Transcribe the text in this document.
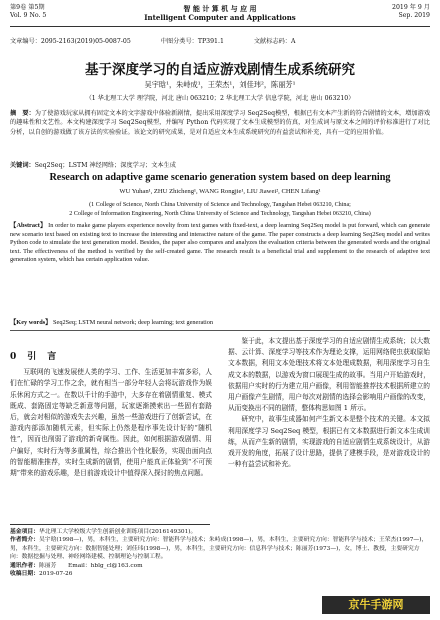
第9卷 第5期
Vol. 9 No. 5
智 能 计 算 机 与 应 用
Intelligent Computer and Applications
2019 年 9 月
Sep. 2019
文章编号：2095-2163(2019)05-0087-05	中图分类号：TP391.1	文献标志码：A
基于深度学习的自适应游戏剧情生成系统研究
吴宇晗¹，朱峙成¹，王荣杰¹，刘佳玮²，陈丽芳¹
（1 华北理工大学 理学院，河北 唐山 063210；2 华北理工大学 信息学院，河北 唐山 063210）
摘　要：为了使游戏玩家从拥有固定文本的文字游戏中体验新剧情，提出采用深度学习 Seq2Seq模型，根据已有文本产生新的符合剧情的文本，增加游戏的趣味性和文艺性。本文构建深度学习 Seq2Seq模型，并编写 Python 代码实现了文本生成模型的仿真，对生成词与原文本之间的评价标准进行了对比分析，以自创的游戏做了该方法的实验验证。该论文的研究成果，是对自适应文本生成系统研究的有益尝试和补充，具有一定的应用价值。
关键词：Seq2Seq；LSTM 神经网络；深度学习；文本生成
Research on adaptive game scenario generation system based on deep learning
WU Yuhan¹, ZHU Zhicheng¹, WANG Rongjie¹, LIU Jiawei², CHEN Lifang¹
(1 College of Science, North China University of Science and Technology, Tangshan Hebei 063210, China;
2 College of Information Engineering, North China University of Science and Technology, Tangshan Hebei 063210, China)
【Abstract】 In order to make game players experience novelty from text games with fixed-text, a deep learning Seq2Seq model is put forward, which can generate new scenario text based on existing text to increase the interesting and interactive nature of the game. The paper constructs a deep learning Seq2Seq model and writes Python code to simulate the text generation model. Besides, the paper also compares and analyzes the evaluation criteria between the generated words and the original text. The effectiveness of the method is verified by the self-created game. The research result is a beneficial trial and supplement to the research of adaptive text generation system, which has certain application value.
【Key words】 Seq2Seq; LSTM neural network; deep learning; text generation
0　引　言

互联网的飞速发展使人类的学习、工作、生活更加丰富多彩，人们在忙碌的学习工作之余，就有相当一部分年轻人会将玩游戏作为娱乐休闲方式之一。在数以千计的手游中，大多存在着剧情重复、模式既成、套路固定等缺乏新意等问题，玩家逐渐摸索出一些固有套路后，就会对相似的游戏失去兴趣，虽然一些游戏进行了创新尝试，在游戏内部添加随机元素，但实际上仍然是程序事先设计好的“随机性”，因而也削弱了游戏的新奇属性。因此，如何根据游戏剧情、用户偏好，实时行为等多重属性，综合推出个性化服务，实现由面向点的智能精准推荐，实时生成新的剧情，使用户能真正体验到“不可预期”带来的游戏乐趣，是目前游戏设计中值得深入探讨的焦点问题。

鉴于此，本文提出基于深度学习的自适应剧情生成系统；以大数据、云计算、深度学习等技术作为理论支撑，运用网络爬虫获取原始文本数据，利用文本处理技术将文本处理成数据，利用深度学习自生成文本的数据，以游戏为窗口展现生成的故事。当用户开始游戏时，依据用户实时的行为建立用户画像，利用智能推荐技术根据所建立的用户画像产生剧情，用户每次对剧情的选择会影响用户画像的改变，从而变换出不同的剧情，整体构思如图 1 所示。

研究中，故事生成器如何产生新文本是整个技术的关键。本文拟利用深度学习 Seq2Seq 模型，根据已有文本数据进行新文本生成训练，从而产生新的剧情，实现游戏的自适应剧情生成系统设计，从游戏开发的角度，拓展了设计思路，提供了建模手段，是对游戏设计的一种有益尝试和补充。

基金项目：华北理工大学校级大学生创新创业训练项目(2016149301)。
作者简介：吴宇晗(1998—)，男，本科生，主要研究方向：智能科学与技术；朱峙成(1998—)，男，本科生，主要研究方向：智能科学与技术；王荣杰(1997—)，男，本科生，主要研究方向：数据智能处理；刘佳玮(1998—)，男，本科生，主要研究方向：信息科学与技术；陈丽芳(1973—)，女，博士、教授，主要研究方向：数据挖掘与处理、神经网络建模、控制理论与控制工程。
通讯作者：陈丽芳　　Email：hblg_cl@163.com
收稿日期：2019-07-26
京牛手游网
